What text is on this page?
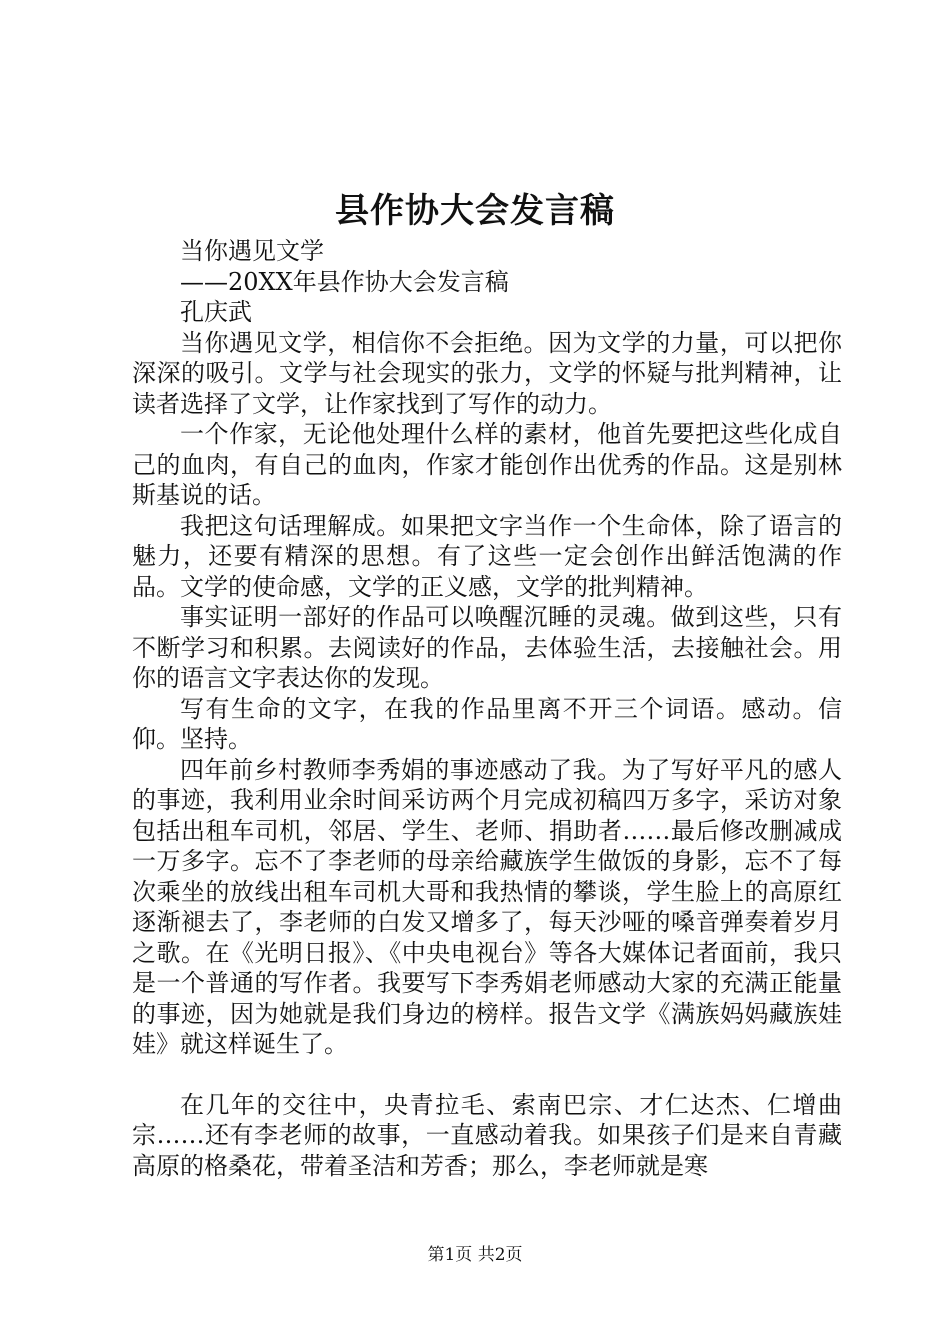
县作协大会发言稿

当你遇见文学

——20XX年县作协大会发言稿

孔庆武

当你遇见文学，相信你不会拒绝。因为文学的力量，可以把你深深的吸引。文学与社会现实的张力，文学的怀疑与批判精神，让读者选择了文学，让作家找到了写作的动力。

一个作家，无论他处理什么样的素材，他首先要把这些化成自己的血肉，有自己的血肉，作家才能创作出优秀的作品。这是别林斯基说的话。

我把这句话理解成。如果把文字当作一个生命体，除了语言的魅力，还要有精深的思想。有了这些一定会创作出鲜活饱满的作品。文学的使命感，文学的正义感，文学的批判精神。

事实证明一部好的作品可以唤醒沉睡的灵魂。做到这些，只有不断学习和积累。去阅读好的作品，去体验生活，去接触社会。用你的语言文字表达你的发现。

写有生命的文字，在我的作品里离不开三个词语。感动。信仰。坚持。

四年前乡村教师李秀娟的事迹感动了我。为了写好平凡的感人的事迹，我利用业余时间采访两个月完成初稿四万多字，采访对象包括出租车司机，邻居、学生、老师、捐助者……最后修改删减成一万多字。忘不了李老师的母亲给藏族学生做饭的身影，忘不了每次乘坐的放线出租车司机大哥和我热情的攀谈，学生脸上的高原红逐渐褪去了，李老师的白发又增多了，每天沙哑的嗓音弹奏着岁月之歌。在《光明日报》、《中央电视台》等各大媒体记者面前，我只是一个普通的写作者。我要写下李秀娟老师感动大家的充满正能量的事迹，因为她就是我们身边的榜样。报告文学《满族妈妈藏族娃娃》就这样诞生了。

在几年的交往中，央青拉毛、索南巴宗、才仁达杰、仁增曲宗……还有李老师的故事，一直感动着我。如果孩子们是来自青藏高原的格桑花，带着圣洁和芳香；那么，李老师就是寒

第1页 共2页
